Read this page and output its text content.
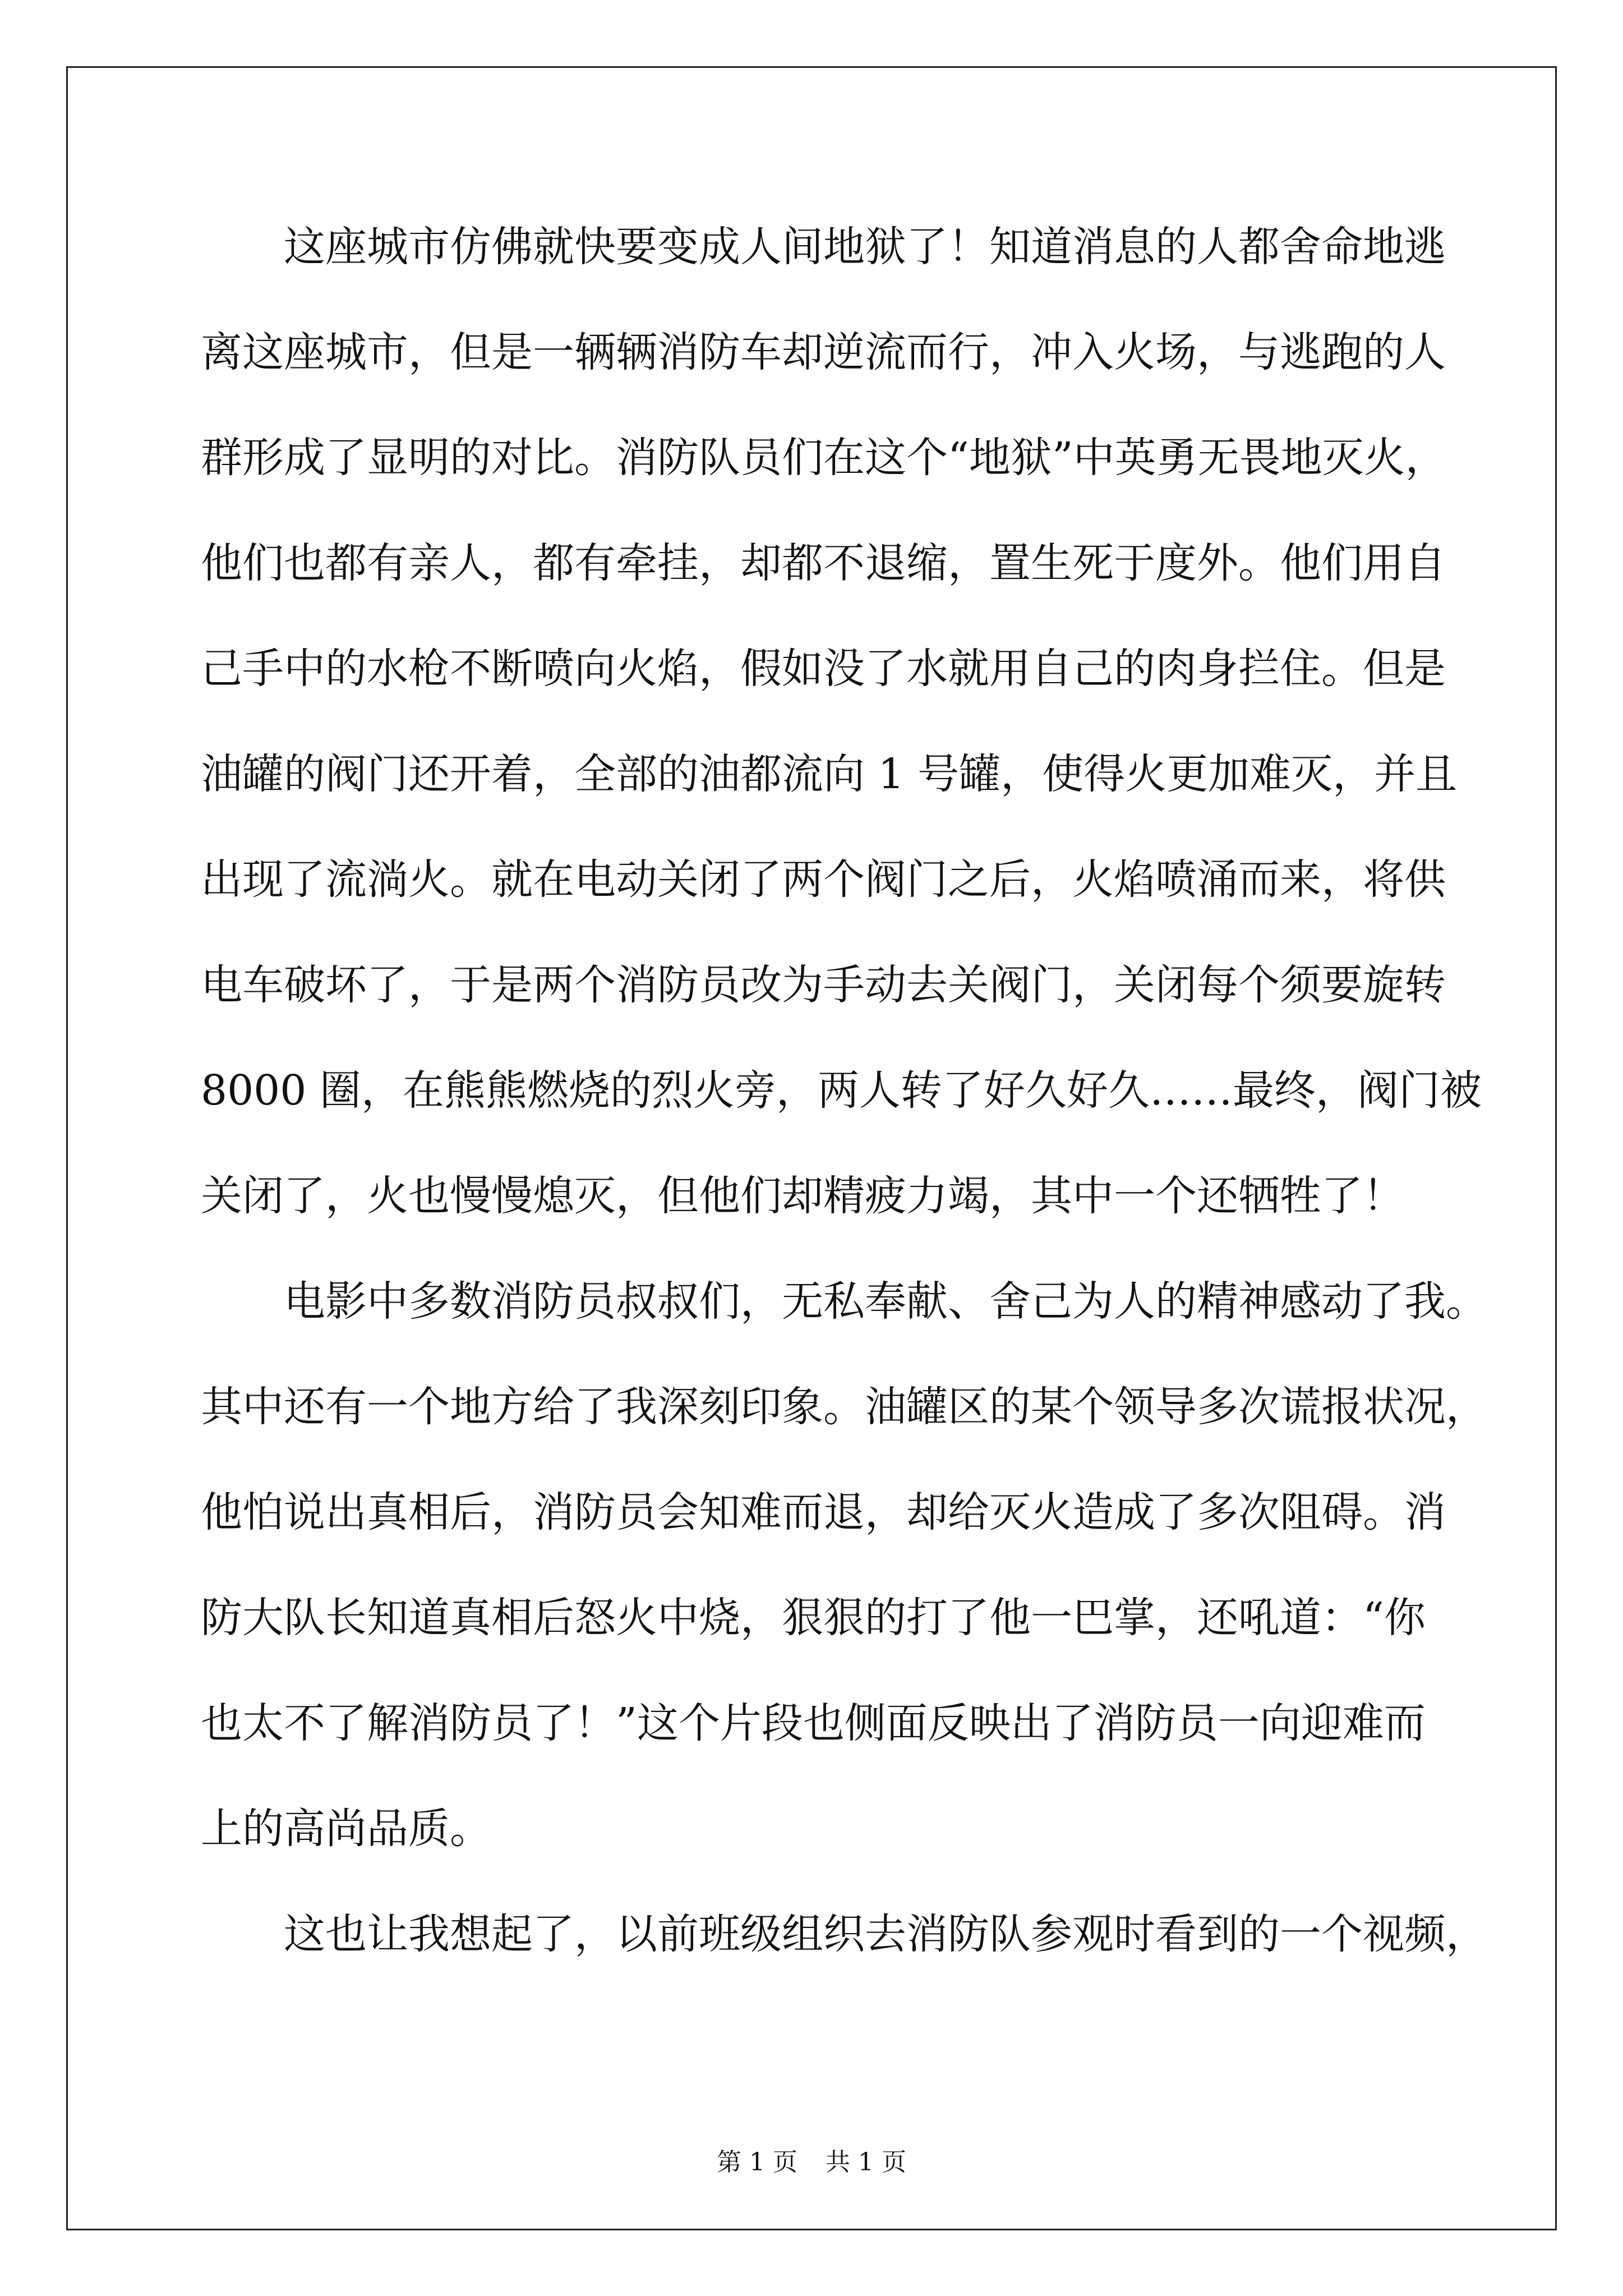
这座城市仿佛就快要变成人间地狱了！知道消息的人都舍命地逃
离这座城市，但是一辆辆消防车却逆流而行，冲入火场，与逃跑的人
群形成了显明的对比。消防队员们在这个“地狱”中英勇无畏地灭火，
他们也都有亲人，都有牵挂，却都不退缩，置生死于度外。他们用自
己手中的水枪不断喷向火焰，假如没了水就用自己的肉身拦住。但是
油罐的阀门还开着，全部的油都流向 1 号罐，使得火更加难灭，并且
出现了流淌火。就在电动关闭了两个阀门之后，火焰喷涌而来，将供
电车破坏了，于是两个消防员改为手动去关阀门，关闭每个须要旋转
8000 圈，在熊熊燃烧的烈火旁，两人转了好久好久……最终，阀门被
关闭了，火也慢慢熄灭，但他们却精疲力竭，其中一个还牺牲了！
电影中多数消防员叔叔们，无私奉献、舍己为人的精神感动了我。
其中还有一个地方给了我深刻印象。油罐区的某个领导多次谎报状况，
他怕说出真相后，消防员会知难而退，却给灭火造成了多次阻碍。消
防大队长知道真相后怒火中烧，狠狠的打了他一巴掌，还吼道：“你
也太不了解消防员了！”这个片段也侧面反映出了消防员一向迎难而
上的高尚品质。
这也让我想起了，以前班级组织去消防队参观时看到的一个视频，
第 1 页 共 1 页
